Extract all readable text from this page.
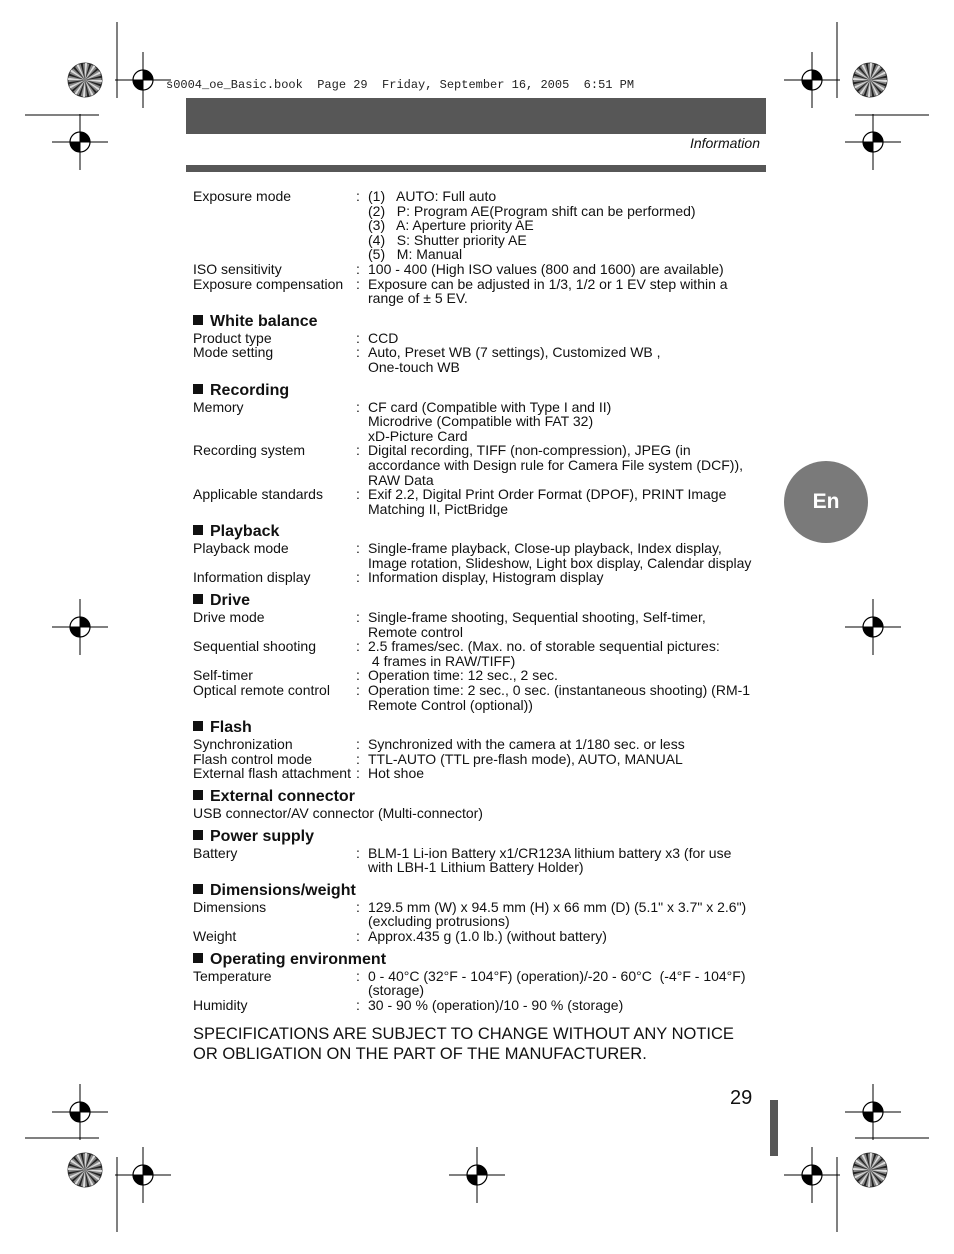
s0004_oe_Basic.book  Page 29  Friday, September 16, 2005  6:51 PM
Information
Exposure mode	: (1)   AUTO: Full auto
(2)   P: Program AE(Program shift can be performed)
(3)   A: Aperture priority AE
(4)   S: Shutter priority AE
(5)   M: Manual
ISO sensitivity	: 100 - 400 (High ISO values (800 and 1600) are available)
Exposure compensation : Exposure can be adjusted in 1/3, 1/2 or 1 EV step within a
range of ± 5 EV.
White balance
Product type	: CCD
Mode setting	: Auto, Preset WB (7 settings), Customized WB ,
One-touch WB
Recording
Memory	: CF card (Compatible with Type I and II)
Microdrive (Compatible with FAT 32)
xD-Picture Card
Recording system	: Digital recording, TIFF (non-compression), JPEG (in
accordance with Design rule for Camera File system (DCF)),
RAW Data
Applicable standards	: Exif 2.2, Digital Print Order Format (DPOF), PRINT Image
Matching II, PictBridge
Playback
Playback mode	: Single-frame playback, Close-up playback, Index display,
Image rotation, Slideshow, Light box display, Calendar display
Information display	: Information display, Histogram display
Drive
Drive mode	: Single-frame shooting, Sequential shooting, Self-timer,
Remote control
Sequential shooting	: 2.5 frames/sec. (Max. no. of storable sequential pictures:
4 frames in RAW/TIFF)
Self-timer	: Operation time: 12 sec., 2 sec.
Optical remote control	: Operation time: 2 sec., 0 sec. (instantaneous shooting) (RM-1
Remote Control (optional))
Flash
Synchronization	: Synchronized with the camera at 1/180 sec. or less
Flash control mode	: TTL-AUTO (TTL pre-flash mode), AUTO, MANUAL
External flash attachment : Hot shoe
External connector
USB connector/AV connector (Multi-connector)
Power supply
Battery	: BLM-1 Li-ion Battery x1/CR123A lithium battery x3 (for use
with LBH-1 Lithium Battery Holder)
Dimensions/weight
Dimensions	: 129.5 mm (W) x 94.5 mm (H) x 66 mm (D) (5.1" x 3.7" x 2.6")
(excluding protrusions)
Weight	: Approx.435 g (1.0 lb.) (without battery)
Operating environment
Temperature	: 0 - 40°C (32°F - 104°F) (operation)/-20 - 60°C  (-4°F - 104°F)
(storage)
Humidity	: 30 - 90 % (operation)/10 - 90 % (storage)
SPECIFICATIONS ARE SUBJECT TO CHANGE WITHOUT ANY NOTICE
OR OBLIGATION ON THE PART OF THE MANUFACTURER.
En
29
